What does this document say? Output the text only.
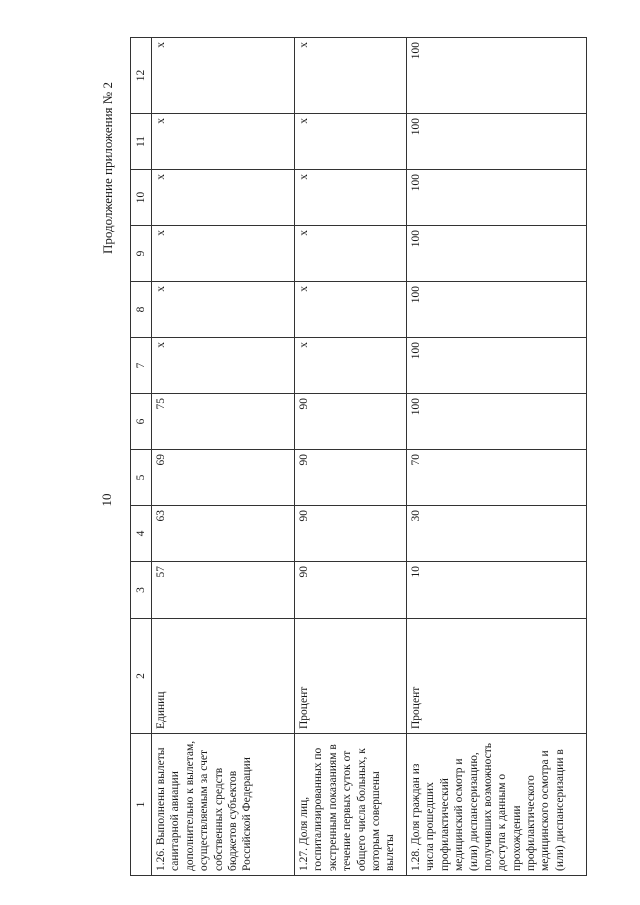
10
Продолжение приложения № 2
1	2	3	4	5	6	7	8	9	10	11	12
1.26. Выполнены вылеты санитарной авиации дополнительно к вылетам, осуществляемым за счет собственных средств бюджетов субъектов Российской Федерации	Единиц	57	63	69	75	x	x	x	x	x	x
1.27. Доля лиц, госпитализированных по экстренным показаниям в течение первых суток от общего числа больных, к которым совершены вылеты	Процент	90	90	90	90	x	x	x	x	x	x
1.28. Доля граждан из числа прошедших профилактический медицинский осмотр и (или) диспансеризацию, получивших возможность доступа к данным о прохождении профилактического медицинского осмотра и (или) диспансеризации в	Процент	10	30	70	100	100	100	100	100	100	100
